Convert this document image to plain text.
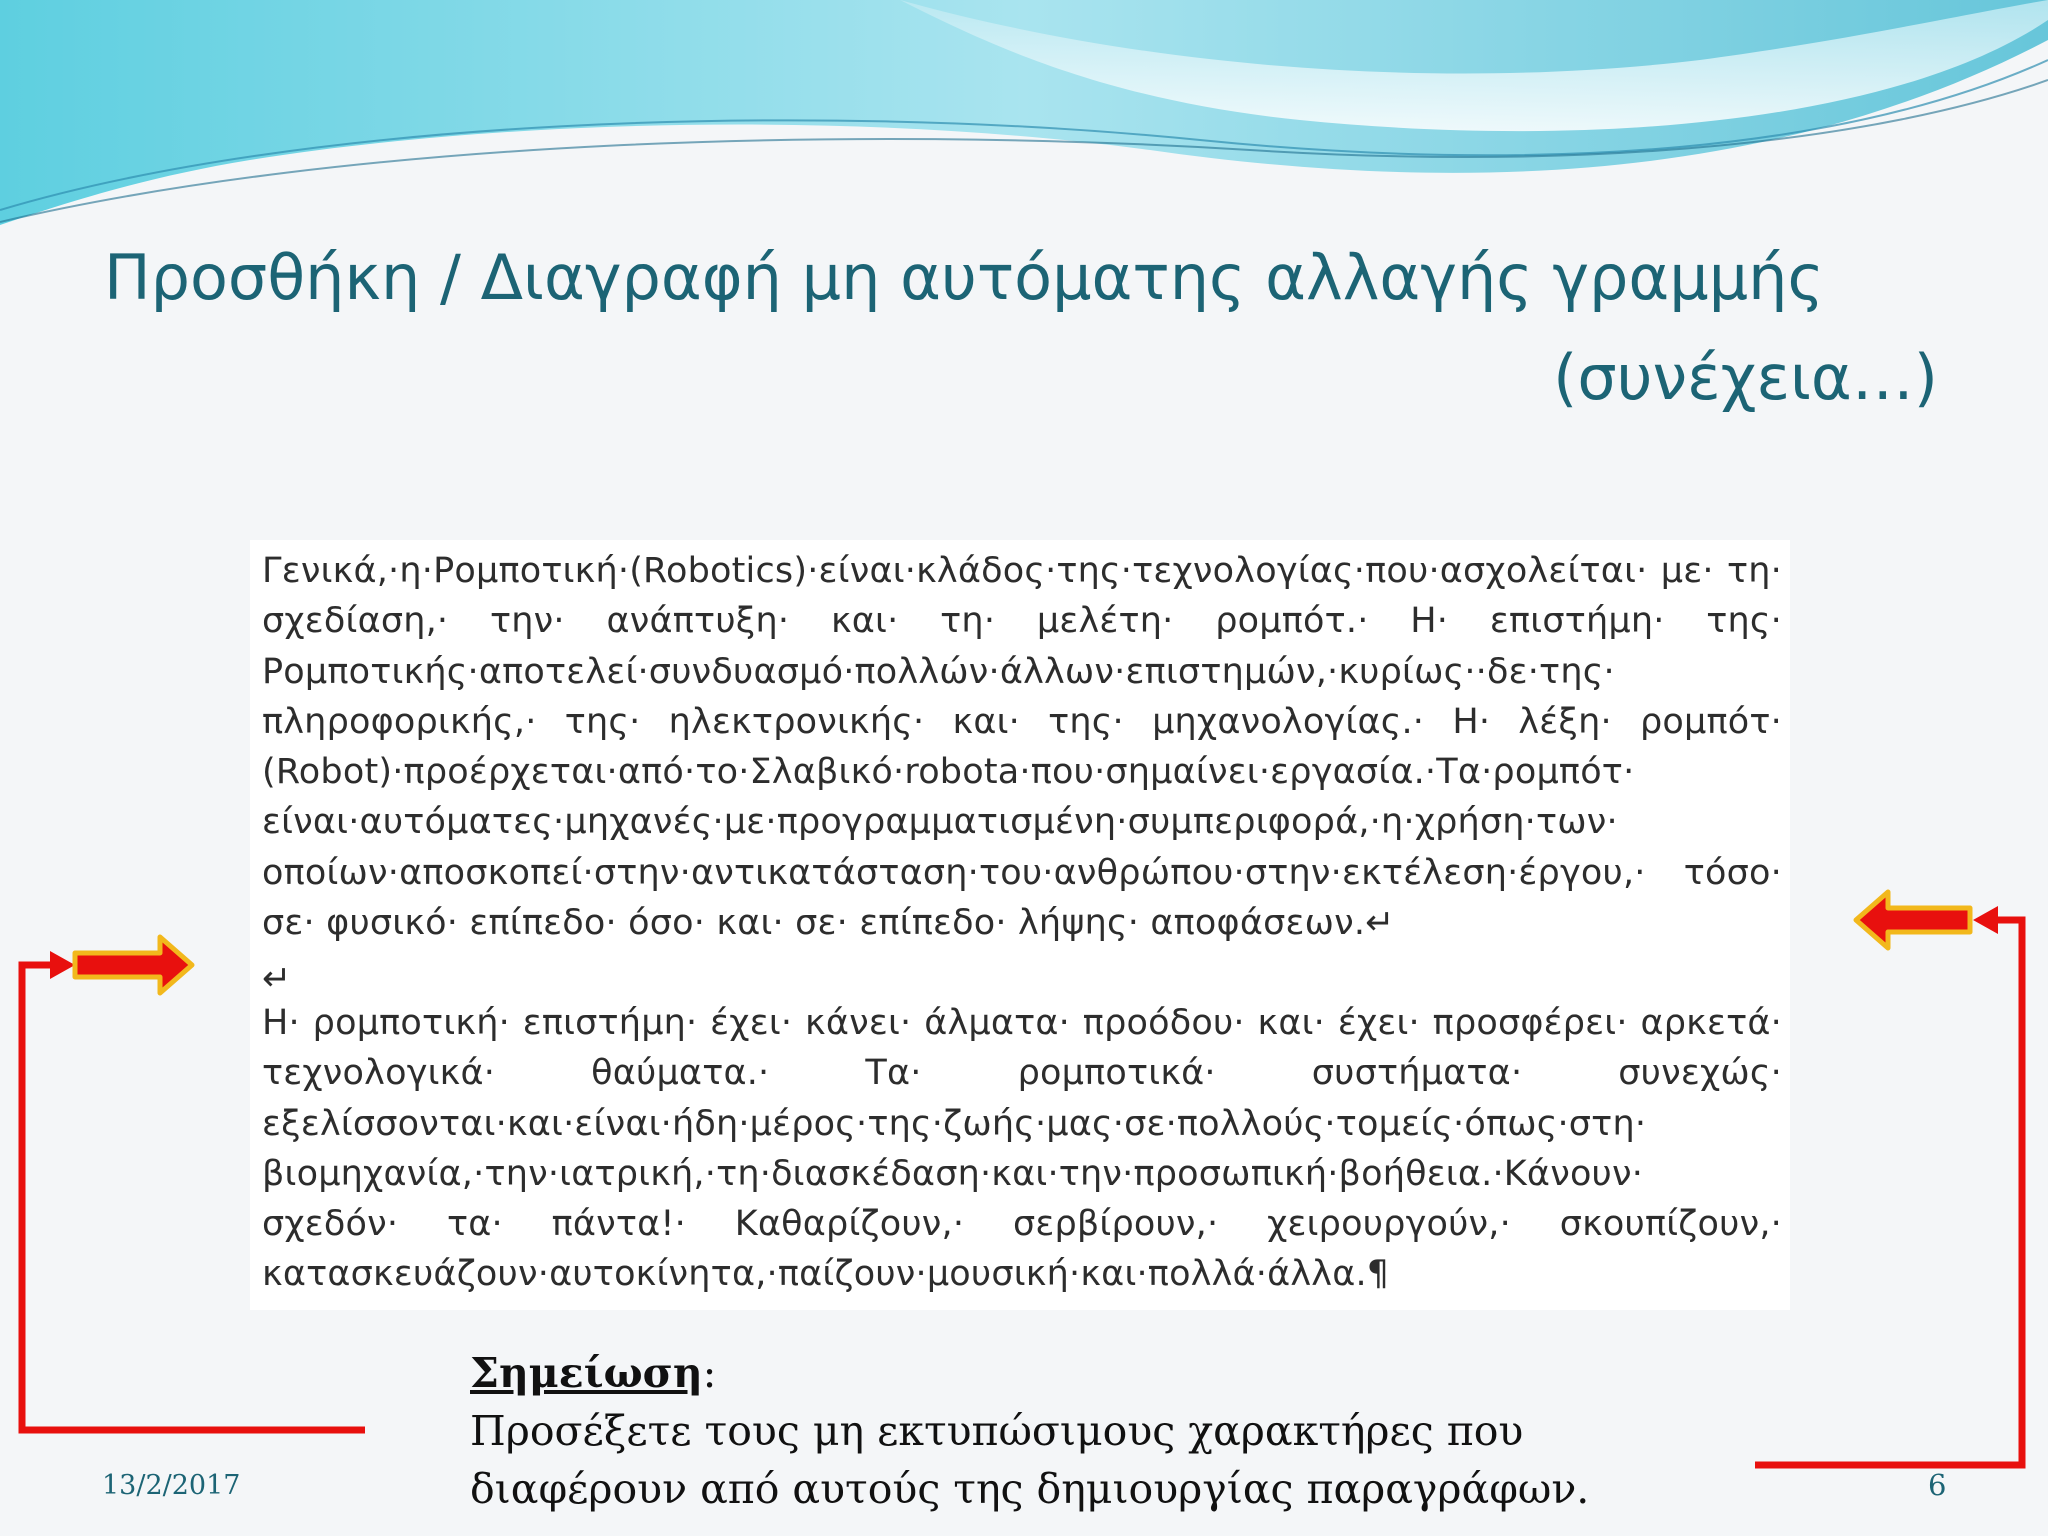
Προσθήκη / Διαγραφή μη αυτόματης αλλαγής γραμμής
(συνέχεια…)

Γενικά,·η·Ρομποτική·(Robotics)·είναι·κλάδος·της·τεχνολογίας·που·ασχολείται· με· τη· σχεδίαση,· την· ανάπτυξη· και· τη· μελέτη· ρομπότ.· Η· επιστήμη· της· Ρομποτικής·αποτελεί·συνδυασμό·πολλών·άλλων·επιστημών,·κυρίως··δε·της· πληροφορικής,· της· ηλεκτρονικής· και· της· μηχανολογίας.· Η· λέξη· ρομπότ· (Robot)·προέρχεται·από·το·Σλαβικό·robota·που·σημαίνει·εργασία.·Τα·ρομπότ· είναι·αυτόματες·μηχανές·με·προγραμματισμένη·συμπεριφορά,·η·χρήση·των· οποίων·αποσκοπεί·στην·αντικατάσταση·του·ανθρώπου·στην·εκτέλεση·έργου,· τόσο· σε· φυσικό· επίπεδο· όσο· και· σε· επίπεδο· λήψης· αποφάσεων.↵

↵

Η· ρομποτική· επιστήμη· έχει· κάνει· άλματα· προόδου· και· έχει· προσφέρει· αρκετά· τεχνολογικά· θαύματα.· Τα· ρομποτικά· συστήματα· συνεχώς· εξελίσσονται·και·είναι·ήδη·μέρος·της·ζωής·μας·σε·πολλούς·τομείς·όπως·στη· βιομηχανία,·την·ιατρική,·τη·διασκέδαση·και·την·προσωπική·βοήθεια.·Κάνουν· σχεδόν· τα· πάντα!· Καθαρίζουν,· σερβίρουν,· χειρουργούν,· σκουπίζουν,· κατασκευάζουν·αυτοκίνητα,·παίζουν·μουσική·και·πολλά·άλλα.¶

Σημείωση:
Προσέξετε τους μη εκτυπώσιμους χαρακτήρες που
διαφέρουν από αυτούς της δημιουργίας παραγράφων.
13/2/2017	6
